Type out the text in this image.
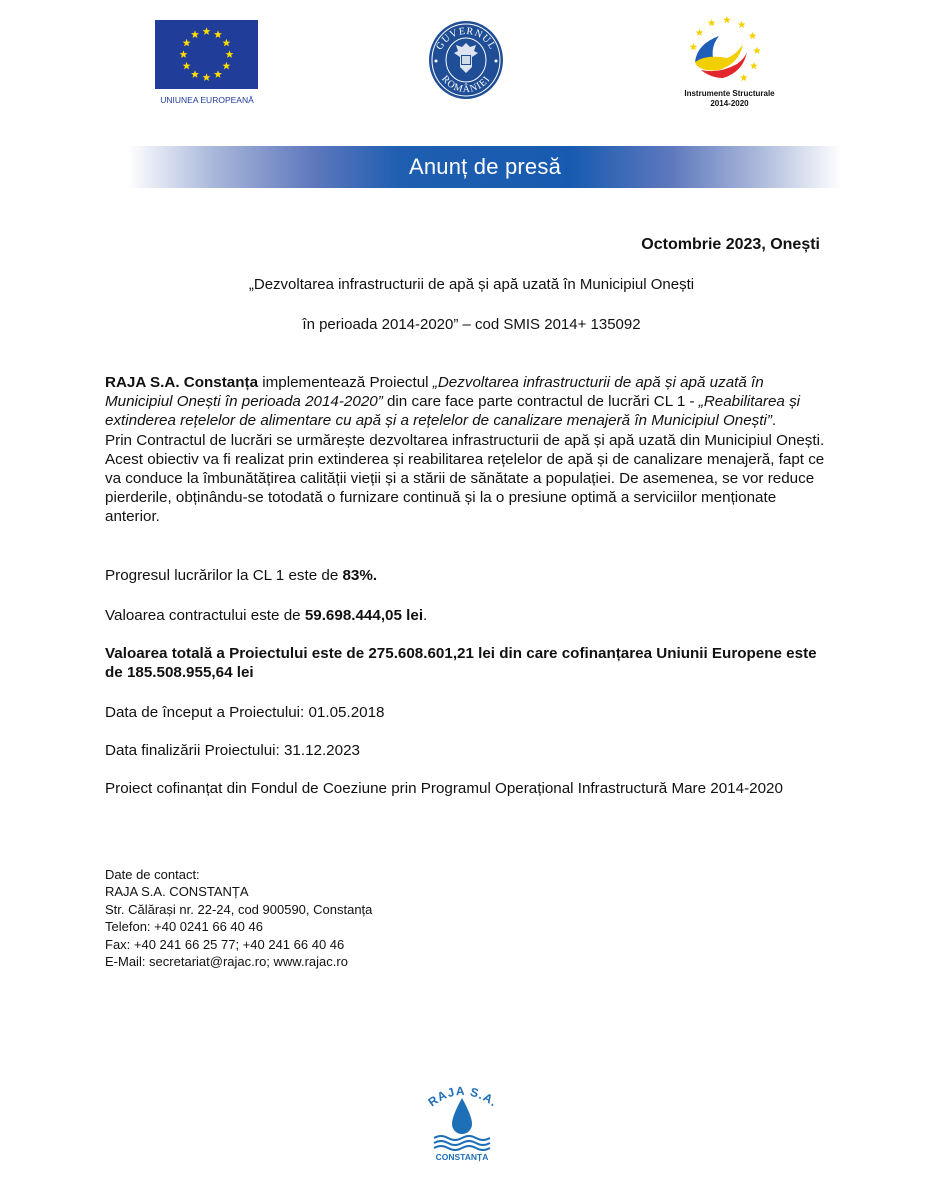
UNIUNEA EUROPEANĂ
GUVERNUL
ROMÂNIEI
Instrumente Structurale
2014-2020
Anunț de presă
Octombrie 2023, Onești
„Dezvoltarea infrastructurii de apă și apă uzată în Municipiul Onești
în perioada 2014-2020” – cod SMIS 2014+ 135092
RAJA S.A. Constanța implementează Proiectul „Dezvoltarea infrastructurii de apă și apă uzată în Municipiul Onești în perioada 2014-2020” din care face parte contractul de lucrări CL 1 - „Reabilitarea și extinderea rețelelor de alimentare cu apă și a rețelelor de canalizare menajeră în Municipiul Onești”.
Prin Contractul de lucrări se urmărește dezvoltarea infrastructurii de apă și apă uzată din Municipiul Onești. Acest obiectiv va fi realizat prin extinderea și reabilitarea rețelelor de apă și de canalizare menajeră, fapt ce va conduce la îmbunătățirea calității vieții și a stării de sănătate a populației. De asemenea, se vor reduce pierderile, obținându-se totodată o furnizare continuă și la o presiune optimă a serviciilor menționate anterior.
Progresul lucrărilor la CL 1 este de 83%.
Valoarea contractului este de 59.698.444,05 lei.
Valoarea totală a Proiectului este de 275.608.601,21 lei din care cofinanțarea Uniunii Europene este de 185.508.955,64 lei
Data de început a Proiectului: 01.05.2018
Data finalizării Proiectului: 31.12.2023
Proiect cofinanțat din Fondul de Coeziune prin Programul Operațional Infrastructură Mare 2014-2020
Date de contact:
RAJA S.A. CONSTANȚA
Str. Călărași nr. 22-24, cod 900590, Constanța
Telefon: +40 0241 66 40 46
Fax: +40 241 66 25 77; +40 241 66 40 46
E-Mail: secretariat@rajac.ro; www.rajac.ro
RAJA S.A.
CONSTANȚA
